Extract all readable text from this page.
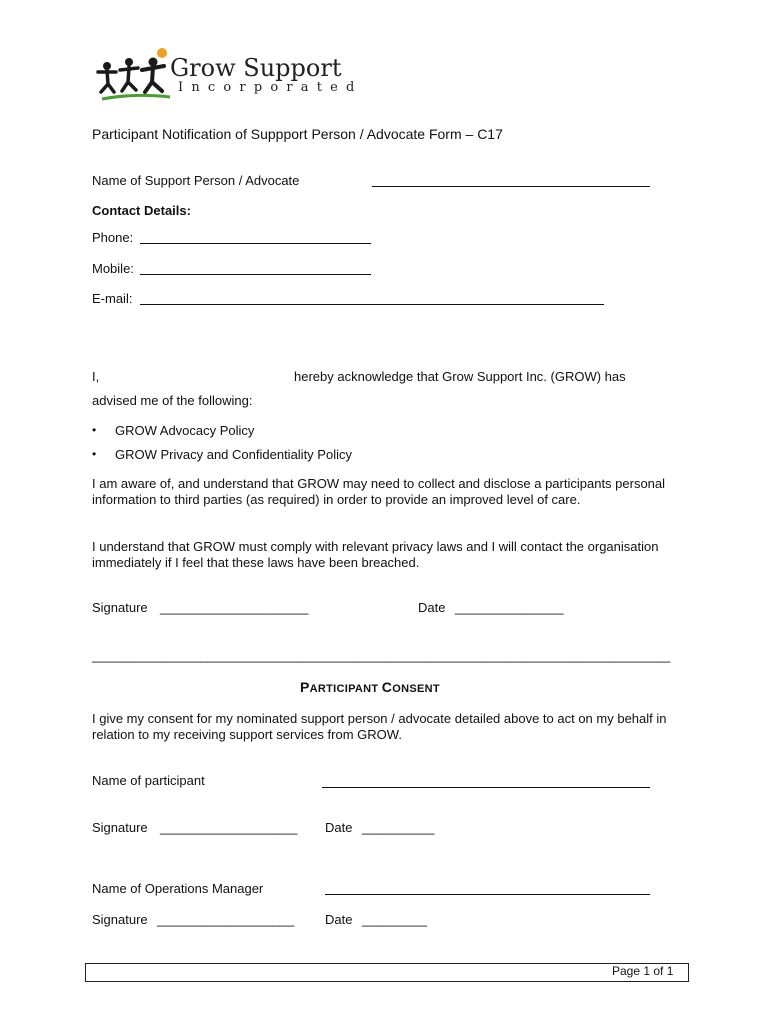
Grow Support
Incorporated
Participant Notification of Suppport Person / Advocate Form – C17
Name of Support Person / Advocate
Contact Details:
Phone:
Mobile:
E-mail:
I,	hereby acknowledge that Grow Support Inc. (GROW) has
advised me of the following:
• GROW Advocacy Policy
• GROW Privacy and Confidentiality Policy
I am aware of, and understand that GROW may need to collect and disclose a participants personal information to third parties (as required) in order to provide an improved level of care.
I understand that GROW must comply with relevant privacy laws and I will contact the organisation immediately if I feel that these laws have been breached.
Signature ____________________	Date _______________
________________________________________________________________________________
PARTICIPANT CONSENT
I give my consent for my nominated support person / advocate detailed above to act on my behalf in relation to my receiving support services from GROW.
Name of participant
Signature ___________________ Date __________
Name of Operations Manager
Signature ___________________ Date _________
Page 1 of 1
